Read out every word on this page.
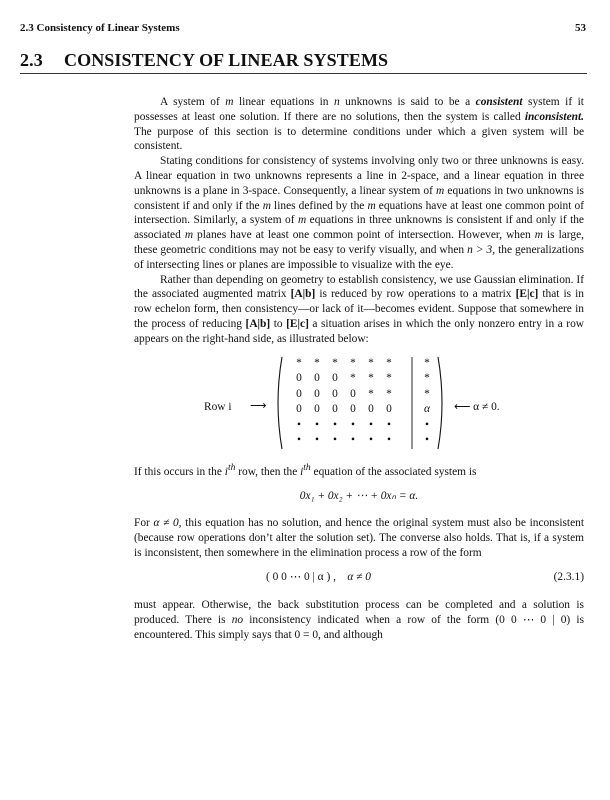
2.3 Consistency of Linear Systems	53
2.3 CONSISTENCY OF LINEAR SYSTEMS

A system of m linear equations in n unknowns is said to be a consistent system if it possesses at least one solution. If there are no solutions, then the system is called inconsistent. The purpose of this section is to determine conditions under which a given system will be consistent.

Stating conditions for consistency of systems involving only two or three unknowns is easy. A linear equation in two unknowns represents a line in 2-space, and a linear equation in three unknowns is a plane in 3-space. Consequently, a linear system of m equations in two unknowns is consistent if and only if the m lines defined by the m equations have at least one common point of intersection. Similarly, a system of m equations in three unknowns is consistent if and only if the associated m planes have at least one common point of intersection. However, when m is large, these geometric conditions may not be easy to verify visually, and when n > 3, the generalizations of intersecting lines or planes are impossible to visualize with the eye.

Rather than depending on geometry to establish consistency, we use Gaussian elimination. If the associated augmented matrix [A|b] is reduced by row operations to a matrix [E|c] that is in row echelon form, then consistency—or lack of it—becomes evident. Suppose that somewhere in the process of reducing [A|b] to [E|c] a situation arises in which the only nonzero entry in a row appears on the right-hand side, as illustrated below:

Row i ⟶
*	*	*	*	*	*	*
0	0	0	*	*	*	*
0	0	0	0	*	*	*
0	0	0	0	0	0	α
•	•	•	•	•	•	•
•	•	•	•	•	•	•
⟵ α ≠ 0.

If this occurs in the $i^{th}$ row, then the $i^{th}$ equation of the associated system is

0x₁ + 0x₂ + ⋯ + 0xₙ = α.

For α ≠ 0, this equation has no solution, and hence the original system must also be inconsistent (because row operations don’t alter the solution set). The converse also holds. That is, if a system is inconsistent, then somewhere in the elimination process a row of the form

( 0 0 ⋯ 0 | α ) , α ≠ 0	(2.3.1)

must appear. Otherwise, the back substitution process can be completed and a solution is produced. There is no inconsistency indicated when a row of the form (0 0 ⋯ 0 | 0) is encountered. This simply says that 0 = 0, and although
